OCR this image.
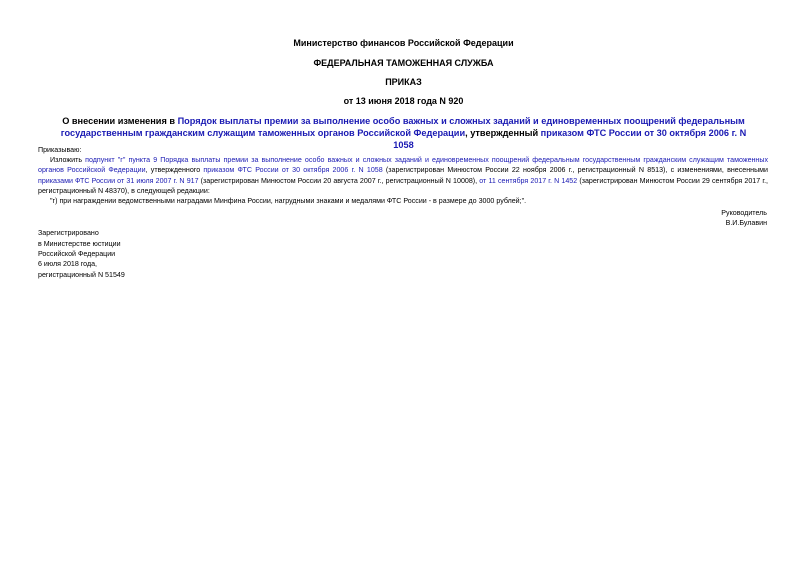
Министерство финансов Российской Федерации
ФЕДЕРАЛЬНАЯ ТАМОЖЕННАЯ СЛУЖБА
ПРИКАЗ
от 13 июня 2018 года N 920
О внесении изменения в Порядок выплаты премии за выполнение особо важных и сложных заданий и единовременных поощрений федеральным государственным гражданским служащим таможенных органов Российской Федерации, утвержденный приказом ФТС России от 30 октября 2006 г. N 1058
Приказываю:
Изложить подпункт "г" пункта 9 Порядка выплаты премии за выполнение особо важных и сложных заданий и единовременных поощрений федеральным государственным гражданским служащим таможенных органов Российской Федерации, утвержденного приказом ФТС России от 30 октября 2006 г. N 1058 (зарегистрирован Минюстом России 22 ноября 2006 г., регистрационный N 8513), с изменениями, внесенными приказами ФТС России от 31 июля 2007 г. N 917 (зарегистрирован Минюстом России 20 августа 2007 г., регистрационный N 10008), от 11 сентября 2017 г. N 1452 (зарегистрирован Минюстом России 29 сентября 2017 г., регистрационный N 48370), в следующей редакции:
"г) при награждении ведомственными наградами Минфина России, нагрудными знаками и медалями ФТС России - в размере до 3000 рублей;".
Руководитель
В.И.Булавин
Зарегистрировано
в Министерстве юстиции
Российской Федерации
6 июля 2018 года,
регистрационный N 51549
